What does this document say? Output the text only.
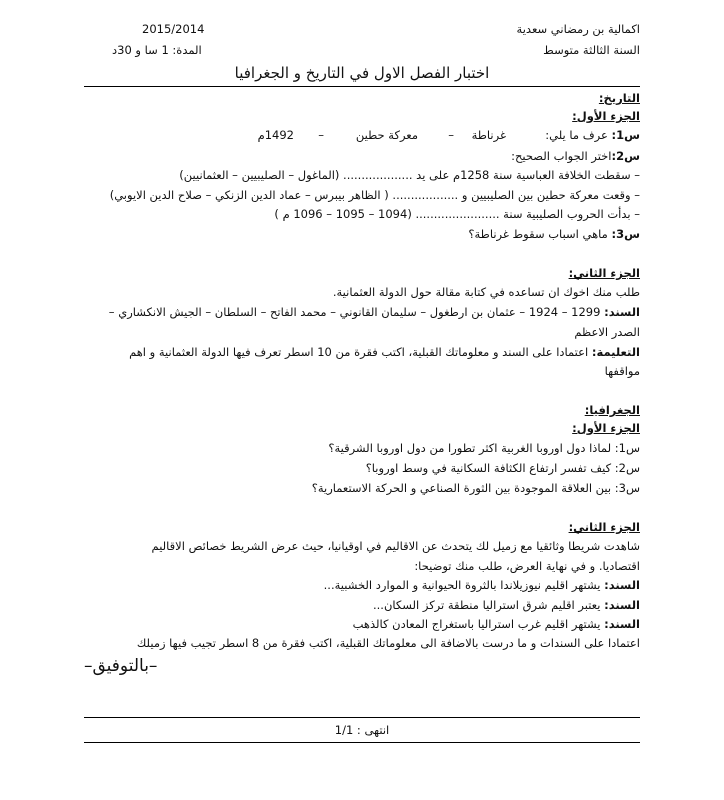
اكمالية بن رمضاني سعدية
2015/2014
السنة الثالثة متوسط
المدة: 1 سا و 30د
اختبار الفصل الاول في التاريخ و الجغرافيا
التاريخ:
الجزء الأول:
س1: عرف ما يلي:
غرناطة
–
معركة حطين
–
1492م
س2:اختر الجواب الصحيح:
– سقطت الخلافة العباسية سنة 1258م على يد ................... (الماغول – الصليبيين – العثمانيين)
– وقعت معركة حطين بين الصليبيين و .................. ( الظاهر بيبرس – عماد الدين الزنكي – صلاح الدين الايوبي)
– بدأت الحروب الصليبية سنة ....................... (1094 – 1095 – 1096 م )
س3: ماهي اسباب سقوط غرناطة؟
الجزء الثاني:
طلب منك اخوك ان تساعده في كتابة مقالة حول الدولة العثمانية.
السند: 1299 – 1924 – عثمان بن ارطغول – سليمان القانوني – محمد الفاتح – السلطان – الجيش الانكشاري –
الصدر الاعظم
التعليمة: اعتمادا على السند و معلوماتك القبلية، اكتب فقرة من 10 اسطر تعرف فيها الدولة العثمانية و اهم
مواقفها
الجغرافيا:
الجزء الأول:
س1: لماذا دول اوروبا الغربية اكثر تطورا من دول اوروبا الشرقية؟
س2: كيف تفسر ارتفاع الكثافة السكانية في وسط اوروبا؟
س3: بين العلاقة الموجودة بين الثورة الصناعي و الحركة الاستعمارية؟
الجزء الثاني:
شاهدت شريطا وثائقيا مع زميل لك يتحدث عن الاقاليم في اوقيانيا، حيث عرض الشريط خصائص الاقاليم
اقتصاديا. و في نهاية العرض، طلب منك توضيحا:
السند: يشتهر اقليم نيوزيلاندا بالثروة الحيوانية و الموارد الخشبية...
السند: يعتبر اقليم شرق استراليا منطقة تركز السكان...
السند: يشتهر اقليم غرب استراليا باستغراج المعادن كالذهب
اعتمادا على السندات و ما درست بالاضافة الى معلوماتك القبلية، اكتب فقرة من 8 اسطر تجيب فيها زميلك
–بالتوفيق–
انتهى : 1/1
